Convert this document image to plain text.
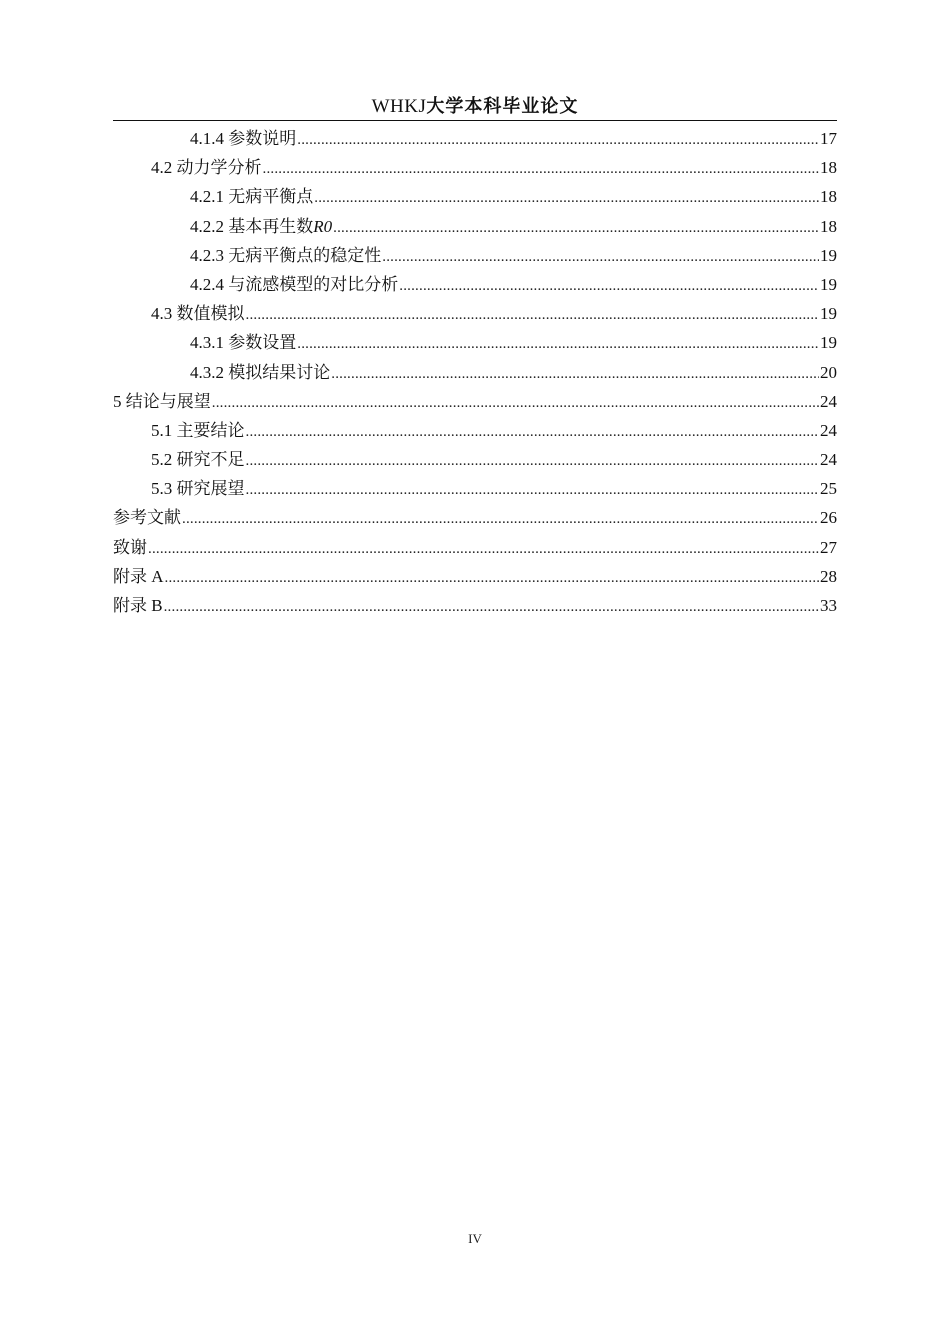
WHKJ大学本科毕业论文
4.1.4 参数说明 .....	17
4.2 动力学分析 .....	18
4.2.1 无病平衡点 .....	18
4.2.2 基本再生数R0 .....	18
4.2.3 无病平衡点的稳定性 .....	19
4.2.4 与流感模型的对比分析 .....	19
4.3 数值模拟 .....	19
4.3.1 参数设置 .....	19
4.3.2 模拟结果讨论 .....	20
5 结论与展望 .....	24
5.1 主要结论 .....	24
5.2 研究不足 .....	24
5.3 研究展望 .....	25
参考文献 .....	26
致谢 .....	27
附录 A .....	28
附录 B .....	33
IV
